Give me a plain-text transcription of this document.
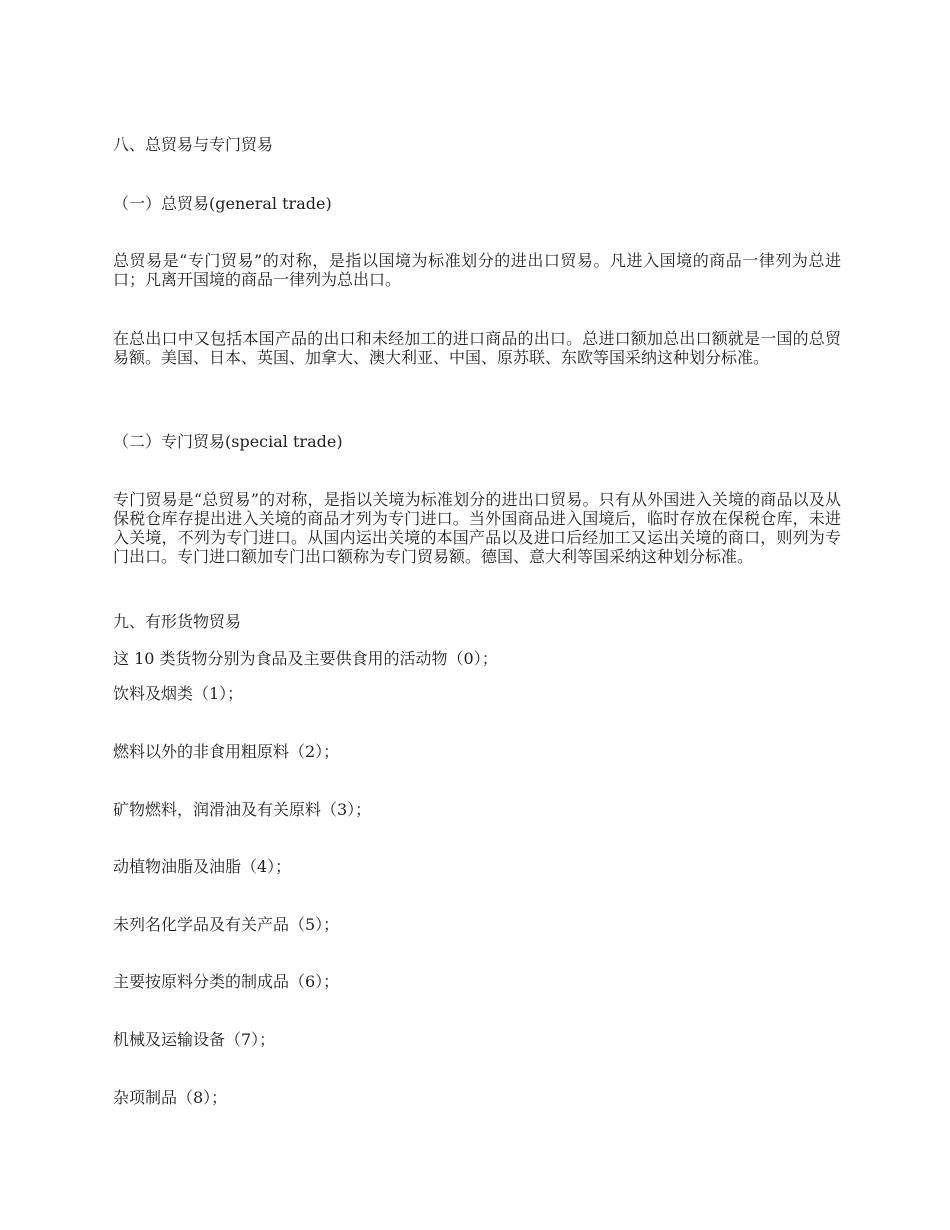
八、总贸易与专门贸易

（一）总贸易(general trade)

总贸易是“专门贸易”的对称，是指以国境为标准划分的进出口贸易。凡进入国境的商品一律列为总进口；凡离开国境的商品一律列为总出口。

在总出口中又包括本国产品的出口和未经加工的进口商品的出口。总进口额加总出口额就是一国的总贸易额。美国、日本、英国、加拿大、澳大利亚、中国、原苏联、东欧等国采纳这种划分标准。

（二）专门贸易(special trade)

专门贸易是“总贸易”的对称，是指以关境为标准划分的进出口贸易。只有从外国进入关境的商品以及从保税仓库存提出进入关境的商品才列为专门进口。当外国商品进入国境后，临时存放在保税仓库，未进入关境，不列为专门进口。从国内运出关境的本国产品以及进口后经加工又运出关境的商口，则列为专门出口。专门进口额加专门出口额称为专门贸易额。德国、意大利等国采纳这种划分标准。

九、有形货物贸易

这 10 类货物分别为食品及主要供食用的活动物（0）；

饮料及烟类（1）；

燃料以外的非食用粗原料（2）；

矿物燃料，润滑油及有关原料（3）；

动植物油脂及油脂（4）；

未列名化学品及有关产品（5）；

主要按原料分类的制成品（6）；

机械及运输设备（7）；

杂项制品（8）；
